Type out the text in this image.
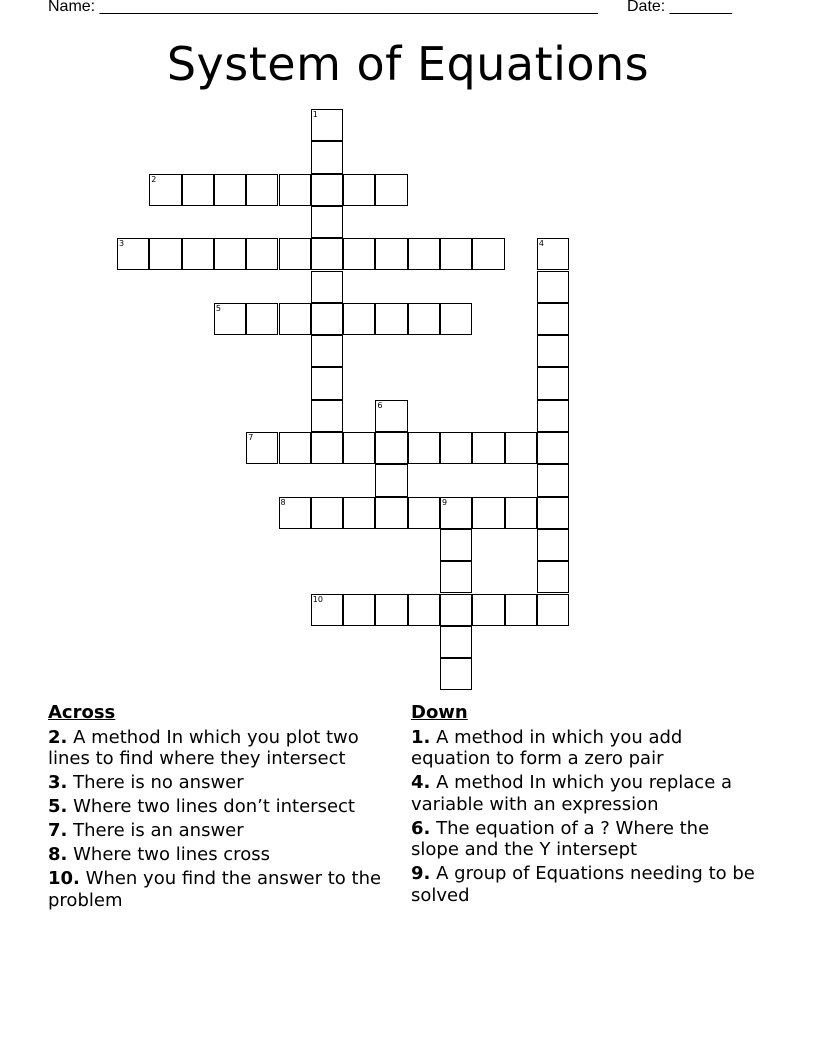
Name: ________________________________________________________ Date: _______
System of Equations
1
2
3	4
5
6
7
8	9
10
Across
2. A method In which you plot two lines to find where they intersect
3. There is no answer
5. Where two lines don’t intersect
7. There is an answer
8. Where two lines cross
10. When you find the answer to the problem
Down
1. A method in which you add equation to form a zero pair
4. A method In which you replace a variable with an expression
6. The equation of a ? Where the slope and the Y intersept
9. A group of Equations needing to be solved
